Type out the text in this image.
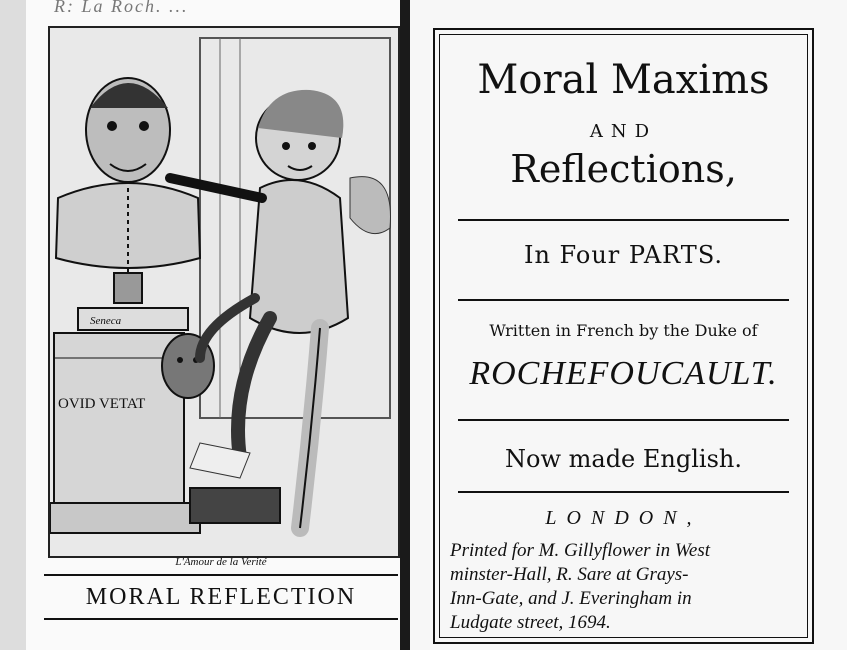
R: La Roch. ...
Seneca
OVID VETAT
L'Amour de la Verité
MORAL REFLECTION
Moral Maxims
AND
Reflections,
In Four PARTS.
Written in French by the Duke of
ROCHEFOUCAULT.
Now made English.
LONDON,
Printed for M. Gillyflower in West
minster-Hall, R. Sare at Grays-
Inn-Gate, and J. Everingham in
Ludgate street, 1694.
